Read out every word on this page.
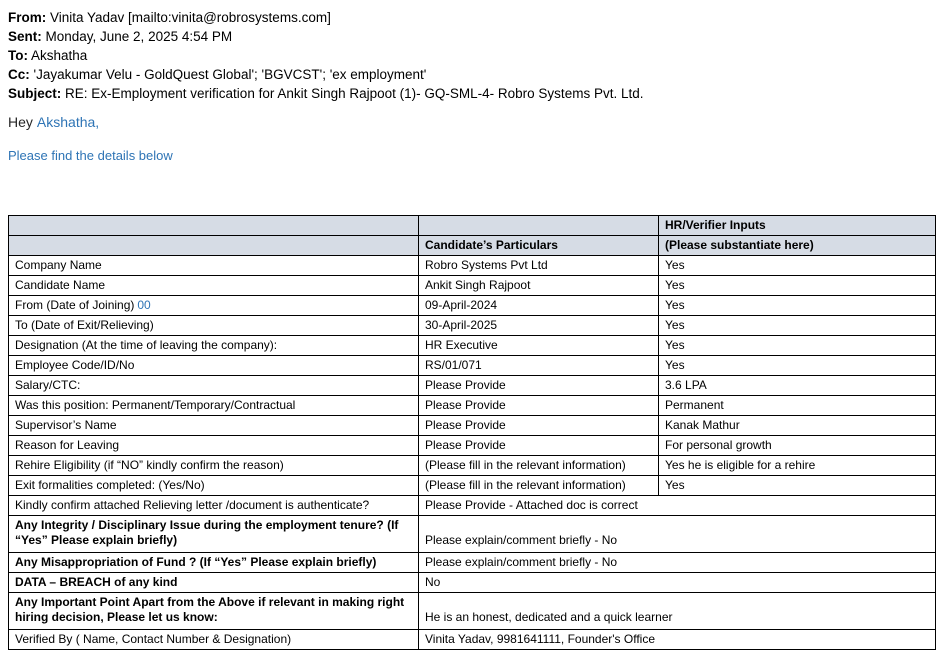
From: Vinita Yadav [mailto:vinita@robrosystems.com]
Sent: Monday, June 2, 2025 4:54 PM
To: Akshatha
Cc: 'Jayakumar Velu - GoldQuest Global'; 'BGVCST'; 'ex employment'
Subject: RE: Ex-Employment verification for Ankit Singh Rajpoot (1)- GQ-SML-4- Robro Systems Pvt. Ltd.
Hey Akshatha,
Please find the details below
		HR/Verifier Inputs
	Candidate’s Particulars	(Please substantiate here)
Company Name	Robro Systems Pvt Ltd	Yes
Candidate Name	Ankit Singh Rajpoot	Yes
From (Date of Joining) 00	09-April-2024	Yes
To (Date of Exit/Relieving)	30-April-2025	Yes
Designation (At the time of leaving the company):	HR Executive	Yes
Employee Code/ID/No	RS/01/071	Yes
Salary/CTC:	Please Provide	3.6 LPA
Was this position: Permanent/Temporary/Contractual	Please Provide	Permanent
Supervisor’s Name	Please Provide	Kanak Mathur
Reason for Leaving	Please Provide	For personal growth
Rehire Eligibility (if “NO” kindly confirm the reason)	(Please fill in the relevant information)	Yes he is eligible for a rehire
Exit formalities completed: (Yes/No)	(Please fill in the relevant information)	Yes
Kindly confirm attached Relieving letter /document is authenticate?	Please Provide - Attached doc is correct	
Any Integrity / Disciplinary Issue during the employment tenure? (If “Yes” Please explain briefly)	Please explain/comment briefly - No	
Any Misappropriation of Fund ? (If “Yes” Please explain briefly)	Please explain/comment briefly - No	
DATA – BREACH of any kind	No	
Any Important Point Apart from the Above if relevant in making right hiring decision, Please let us know:	He is an honest, dedicated and a quick learner	
Verified By ( Name, Contact Number & Designation)	Vinita Yadav, 9981641111, Founder's Office	
